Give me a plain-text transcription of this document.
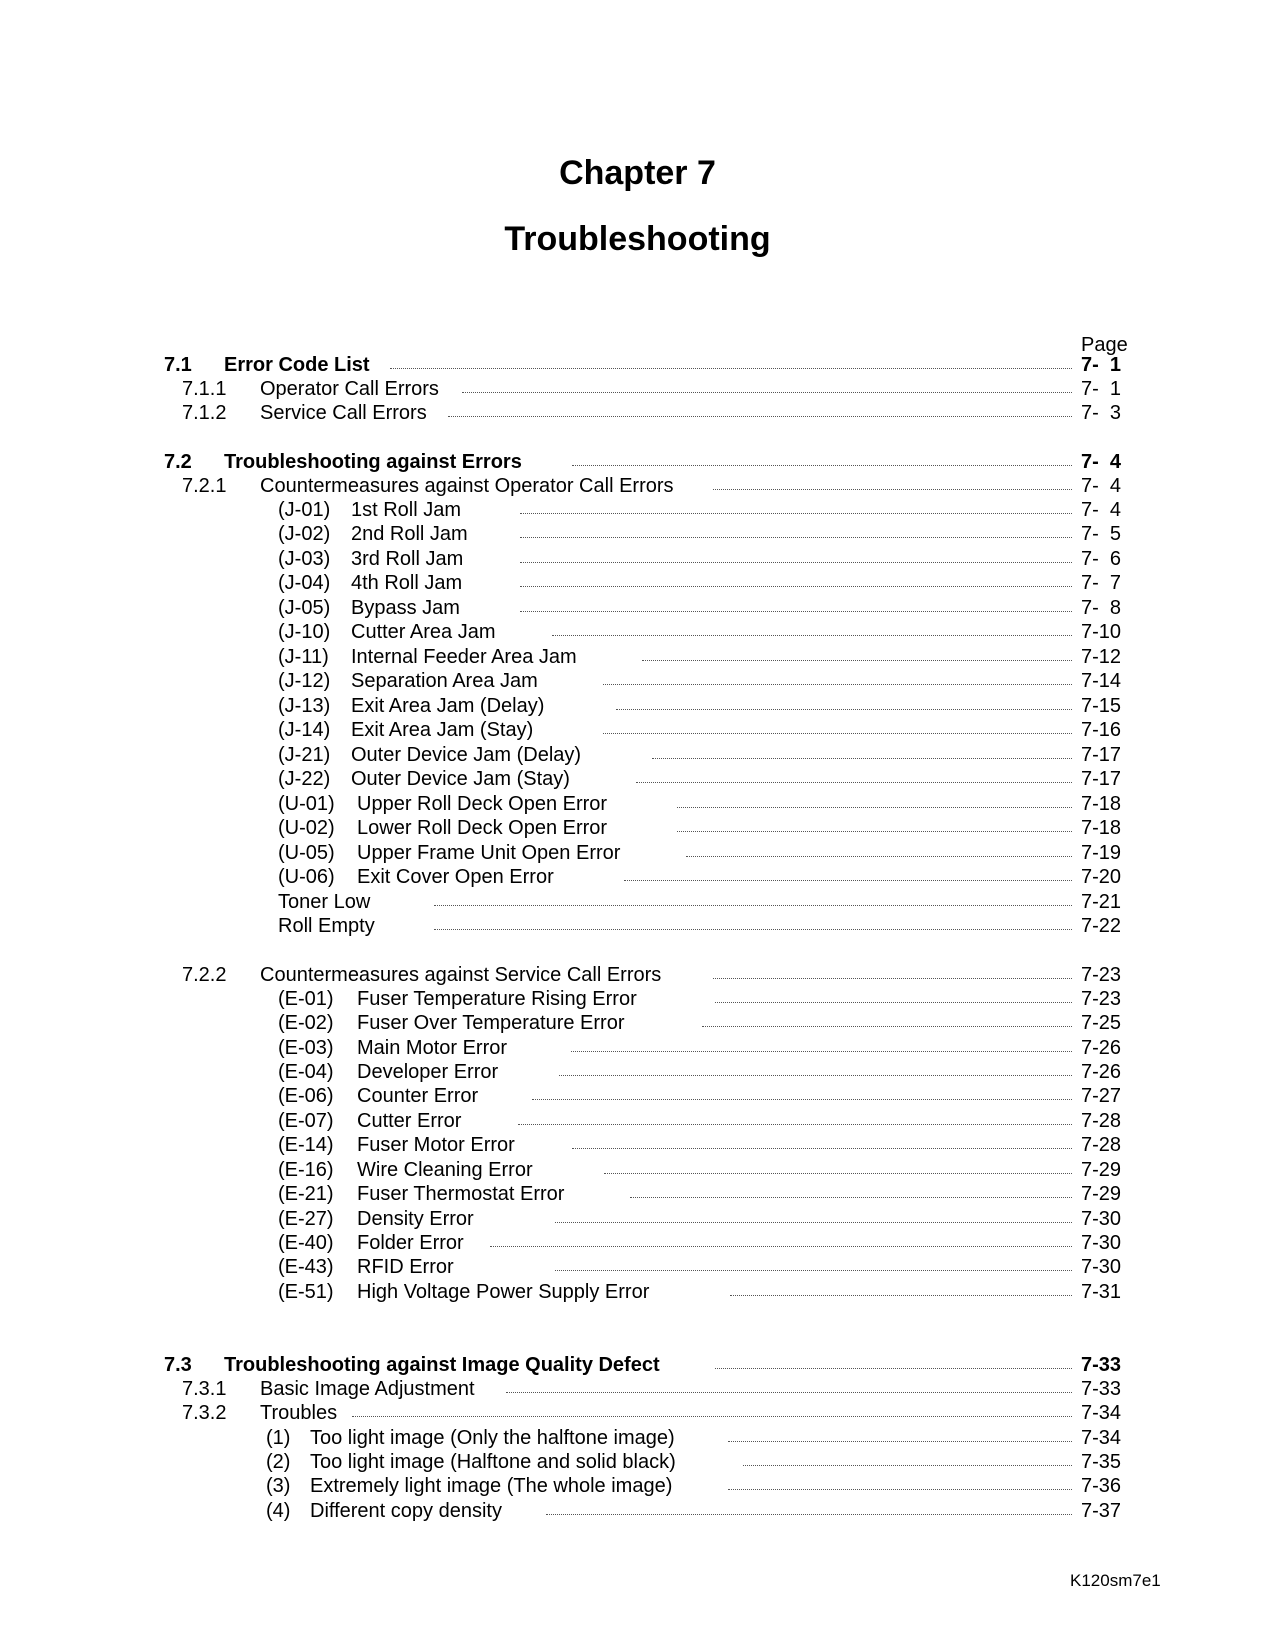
Chapter 7
Troubleshooting
Page
7.1 Error Code List	7-  1
7.1.1 Operator Call Errors	7-  1
7.1.2 Service Call Errors	7-  3
7.2 Troubleshooting against Errors	7-  4
7.2.1 Countermeasures against Operator Call Errors	7-  4
(J-01) 1st Roll Jam	7-  4
(J-02) 2nd Roll Jam	7-  5
(J-03) 3rd Roll Jam	7-  6
(J-04) 4th Roll Jam	7-  7
(J-05) Bypass Jam	7-  8
(J-10) Cutter Area Jam	7-10
(J-11) Internal Feeder Area Jam	7-12
(J-12) Separation Area Jam	7-14
(J-13) Exit Area Jam (Delay)	7-15
(J-14) Exit Area Jam (Stay)	7-16
(J-21) Outer Device Jam (Delay)	7-17
(J-22) Outer Device Jam (Stay)	7-17
(U-01) Upper Roll Deck Open Error	7-18
(U-02) Lower Roll Deck Open Error	7-18
(U-05) Upper Frame Unit Open Error	7-19
(U-06) Exit Cover Open Error	7-20
Toner Low	7-21
Roll Empty	7-22
7.2.2 Countermeasures against Service Call Errors	7-23
(E-01) Fuser Temperature Rising Error	7-23
(E-02) Fuser Over Temperature Error	7-25
(E-03) Main Motor Error	7-26
(E-04) Developer Error	7-26
(E-06) Counter Error	7-27
(E-07) Cutter Error	7-28
(E-14) Fuser Motor Error	7-28
(E-16) Wire Cleaning Error	7-29
(E-21) Fuser Thermostat Error	7-29
(E-27) Density Error	7-30
(E-40) Folder Error	7-30
(E-43) RFID Error	7-30
(E-51) High Voltage Power Supply Error	7-31
7.3 Troubleshooting against Image Quality Defect	7-33
7.3.1 Basic Image Adjustment	7-33
7.3.2 Troubles	7-34
(1) Too light image (Only the halftone image)	7-34
(2) Too light image (Halftone and solid black)	7-35
(3) Extremely light image (The whole image)	7-36
(4) Different copy density	7-37
K120sm7e1
